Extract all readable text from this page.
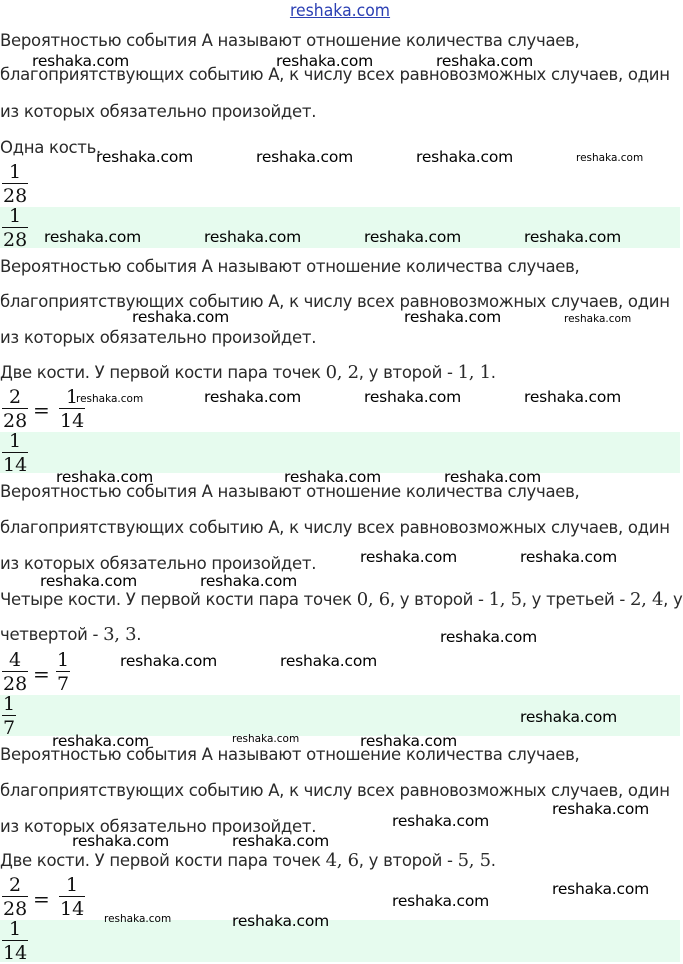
reshaka.com
Вероятностью события А называют отношение количества случаев,
благоприятствующих событию А, к числу всех равновозможных случаев, один
из которых обязательно произойдет.
Одна кость.
1
28
1
28
Вероятностью события А называют отношение количества случаев,
благоприятствующих событию А, к числу всех равновозможных случаев, один
из которых обязательно произойдет.
Две кости. У первой кости пара точек 0, 2, у второй - 1, 1.
2
28 =
1
14
1
14
Вероятностью события А называют отношение количества случаев,
благоприятствующих событию А, к числу всех равновозможных случаев, один
из которых обязательно произойдет.
Четыре кости. У первой кости пара точек 0, 6, у второй - 1, 5, у третьей - 2, 4, у
четвертой - 3, 3.
4
28 =
1
7
1
7
Вероятностью события А называют отношение количества случаев,
благоприятствующих событию А, к числу всех равновозможных случаев, один
из которых обязательно произойдет.
Две кости. У первой кости пара точек 4, 6, у второй - 5, 5.
2
28 =
1
14
1
14
reshaka.com	reshaka.com	reshaka.com
reshaka.com	reshaka.com	reshaka.com	reshaka.com
reshaka.com	reshaka.com	reshaka.com	reshaka.com
reshaka.com	reshaka.com	reshaka.com
reshaka.com	reshaka.com	reshaka.com	reshaka.com
reshaka.com	reshaka.com	reshaka.com
reshaka.com	reshaka.com
reshaka.com	reshaka.com
reshaka.com
reshaka.com	reshaka.com
reshaka.com
reshaka.com	reshaka.com	reshaka.com
reshaka.com
reshaka.com
reshaka.com	reshaka.com
reshaka.com
reshaka.com
reshaka.com	reshaka.com
